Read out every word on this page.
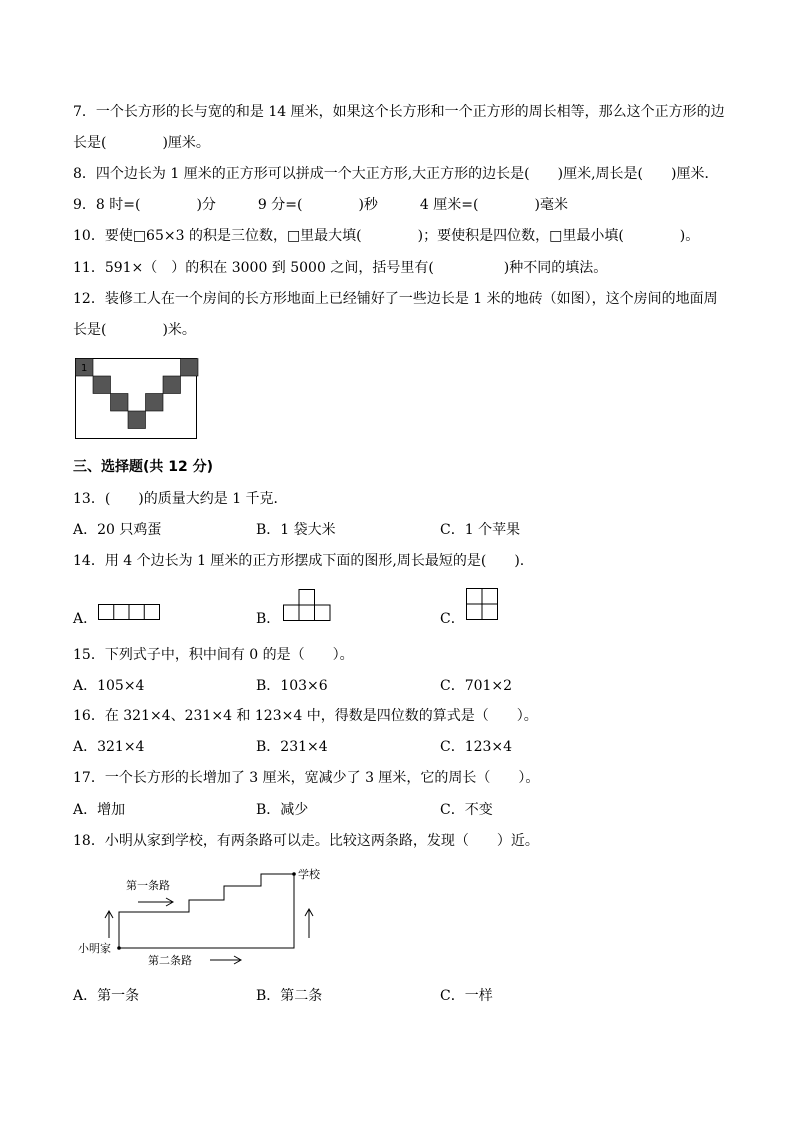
7．一个长方形的长与宽的和是 14 厘米，如果这个长方形和一个正方形的周长相等，那么这个正方形的边
长是(　　　　)厘米。
8．四个边长为 1 厘米的正方形可以拼成一个大正方形,大正方形的边长是(　　)厘米,周长是(　　)厘米．
9．8 时=(　　　　)分　　　9 分=(　　　　)秒　　　4 厘米=(　　　　)毫米
10．要使□65×3 的积是三位数，□里最大填(　　　　)；要使积是四位数，□里最小填(　　　　)。
11．591×（　）的积在 3000 到 5000 之间，括号里有(　　　　　)种不同的填法。
12．装修工人在一个房间的长方形地面上已经铺好了一些边长是 1 米的地砖（如图），这个房间的地面周
长是(　　　　)米。
1
三、选择题(共 12 分)
13．(　　)的质量大约是 1 千克．
A．20 只鸡蛋	B．1 袋大米	C．1 个苹果
14．用 4 个边长为 1 厘米的正方形摆成下面的图形,周长最短的是(　　).
A．	B．	C．
15．下列式子中，积中间有 0 的是（　　）。
A．105×4	B．103×6	C．701×2
16．在 321×4、231×4 和 123×4 中，得数是四位数的算式是（　　）。
A．321×4	B．231×4	C．123×4
17．一个长方形的长增加了 3 厘米，宽减少了 3 厘米，它的周长（　　）。
A．增加	B．减少	C．不变
18．小明从家到学校，有两条路可以走。比较这两条路，发现（　　）近。
第一条路
第二条路
小明家
学校
A．第一条	B．第二条	C．一样
